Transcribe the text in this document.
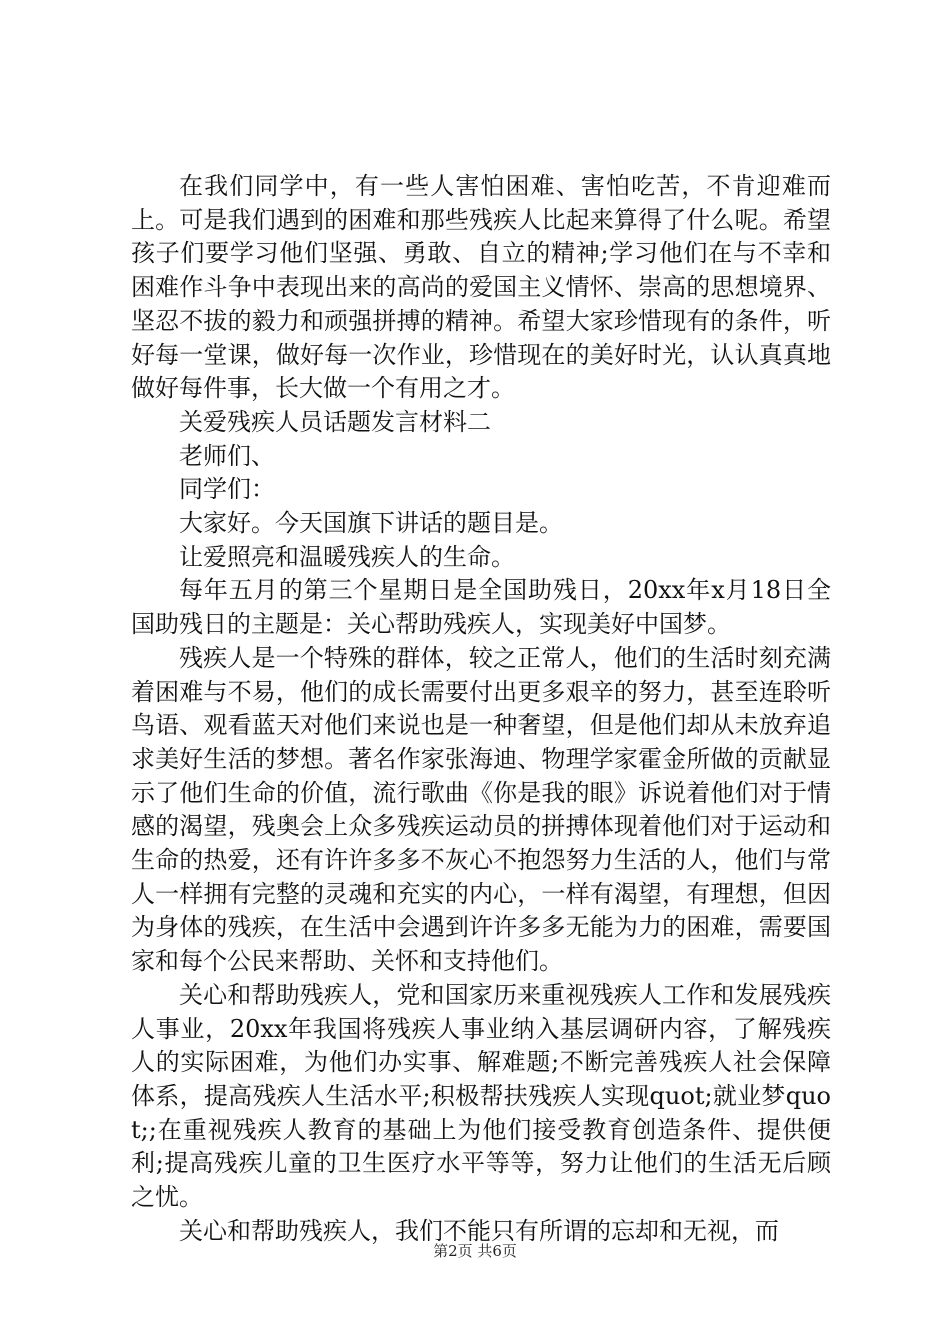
在我们同学中，有一些人害怕困难、害怕吃苦，不肯迎难而上。可是我们遇到的困难和那些残疾人比起来算得了什么呢。希望孩子们要学习他们坚强、勇敢、自立的精神;学习他们在与不幸和困难作斗争中表现出来的高尚的爱国主义情怀、崇高的思想境界、坚忍不拔的毅力和顽强拼搏的精神。希望大家珍惜现有的条件，听好每一堂课，做好每一次作业，珍惜现在的美好时光，认认真真地做好每件事，长大做一个有用之才。

关爱残疾人员话题发言材料二

老师们、

同学们：

大家好。今天国旗下讲话的题目是。

让爱照亮和温暖残疾人的生命。

每年五月的第三个星期日是全国助残日，20xx年x月18日全国助残日的主题是：关心帮助残疾人，实现美好中国梦。

残疾人是一个特殊的群体，较之正常人，他们的生活时刻充满着困难与不易，他们的成长需要付出更多艰辛的努力，甚至连聆听鸟语、观看蓝天对他们来说也是一种奢望，但是他们却从未放弃追求美好生活的梦想。著名作家张海迪、物理学家霍金所做的贡献显示了他们生命的价值，流行歌曲《你是我的眼》诉说着他们对于情感的渴望，残奥会上众多残疾运动员的拼搏体现着他们对于运动和生命的热爱，还有许许多多不灰心不抱怨努力生活的人，他们与常人一样拥有完整的灵魂和充实的内心，一样有渴望，有理想，但因为身体的残疾，在生活中会遇到许许多多无能为力的困难，需要国家和每个公民来帮助、关怀和支持他们。

关心和帮助残疾人，党和国家历来重视残疾人工作和发展残疾人事业，20xx年我国将残疾人事业纳入基层调研内容，了解残疾人的实际困难，为他们办实事、解难题;不断完善残疾人社会保障体系，提高残疾人生活水平;积极帮扶残疾人实现quot;就业梦quot;;在重视残疾人教育的基础上为他们接受教育创造条件、提供便利;提高残疾儿童的卫生医疗水平等等，努力让他们的生活无后顾之忧。

关心和帮助残疾人，我们不能只有所谓的忘却和无视，而

第2页 共6页
